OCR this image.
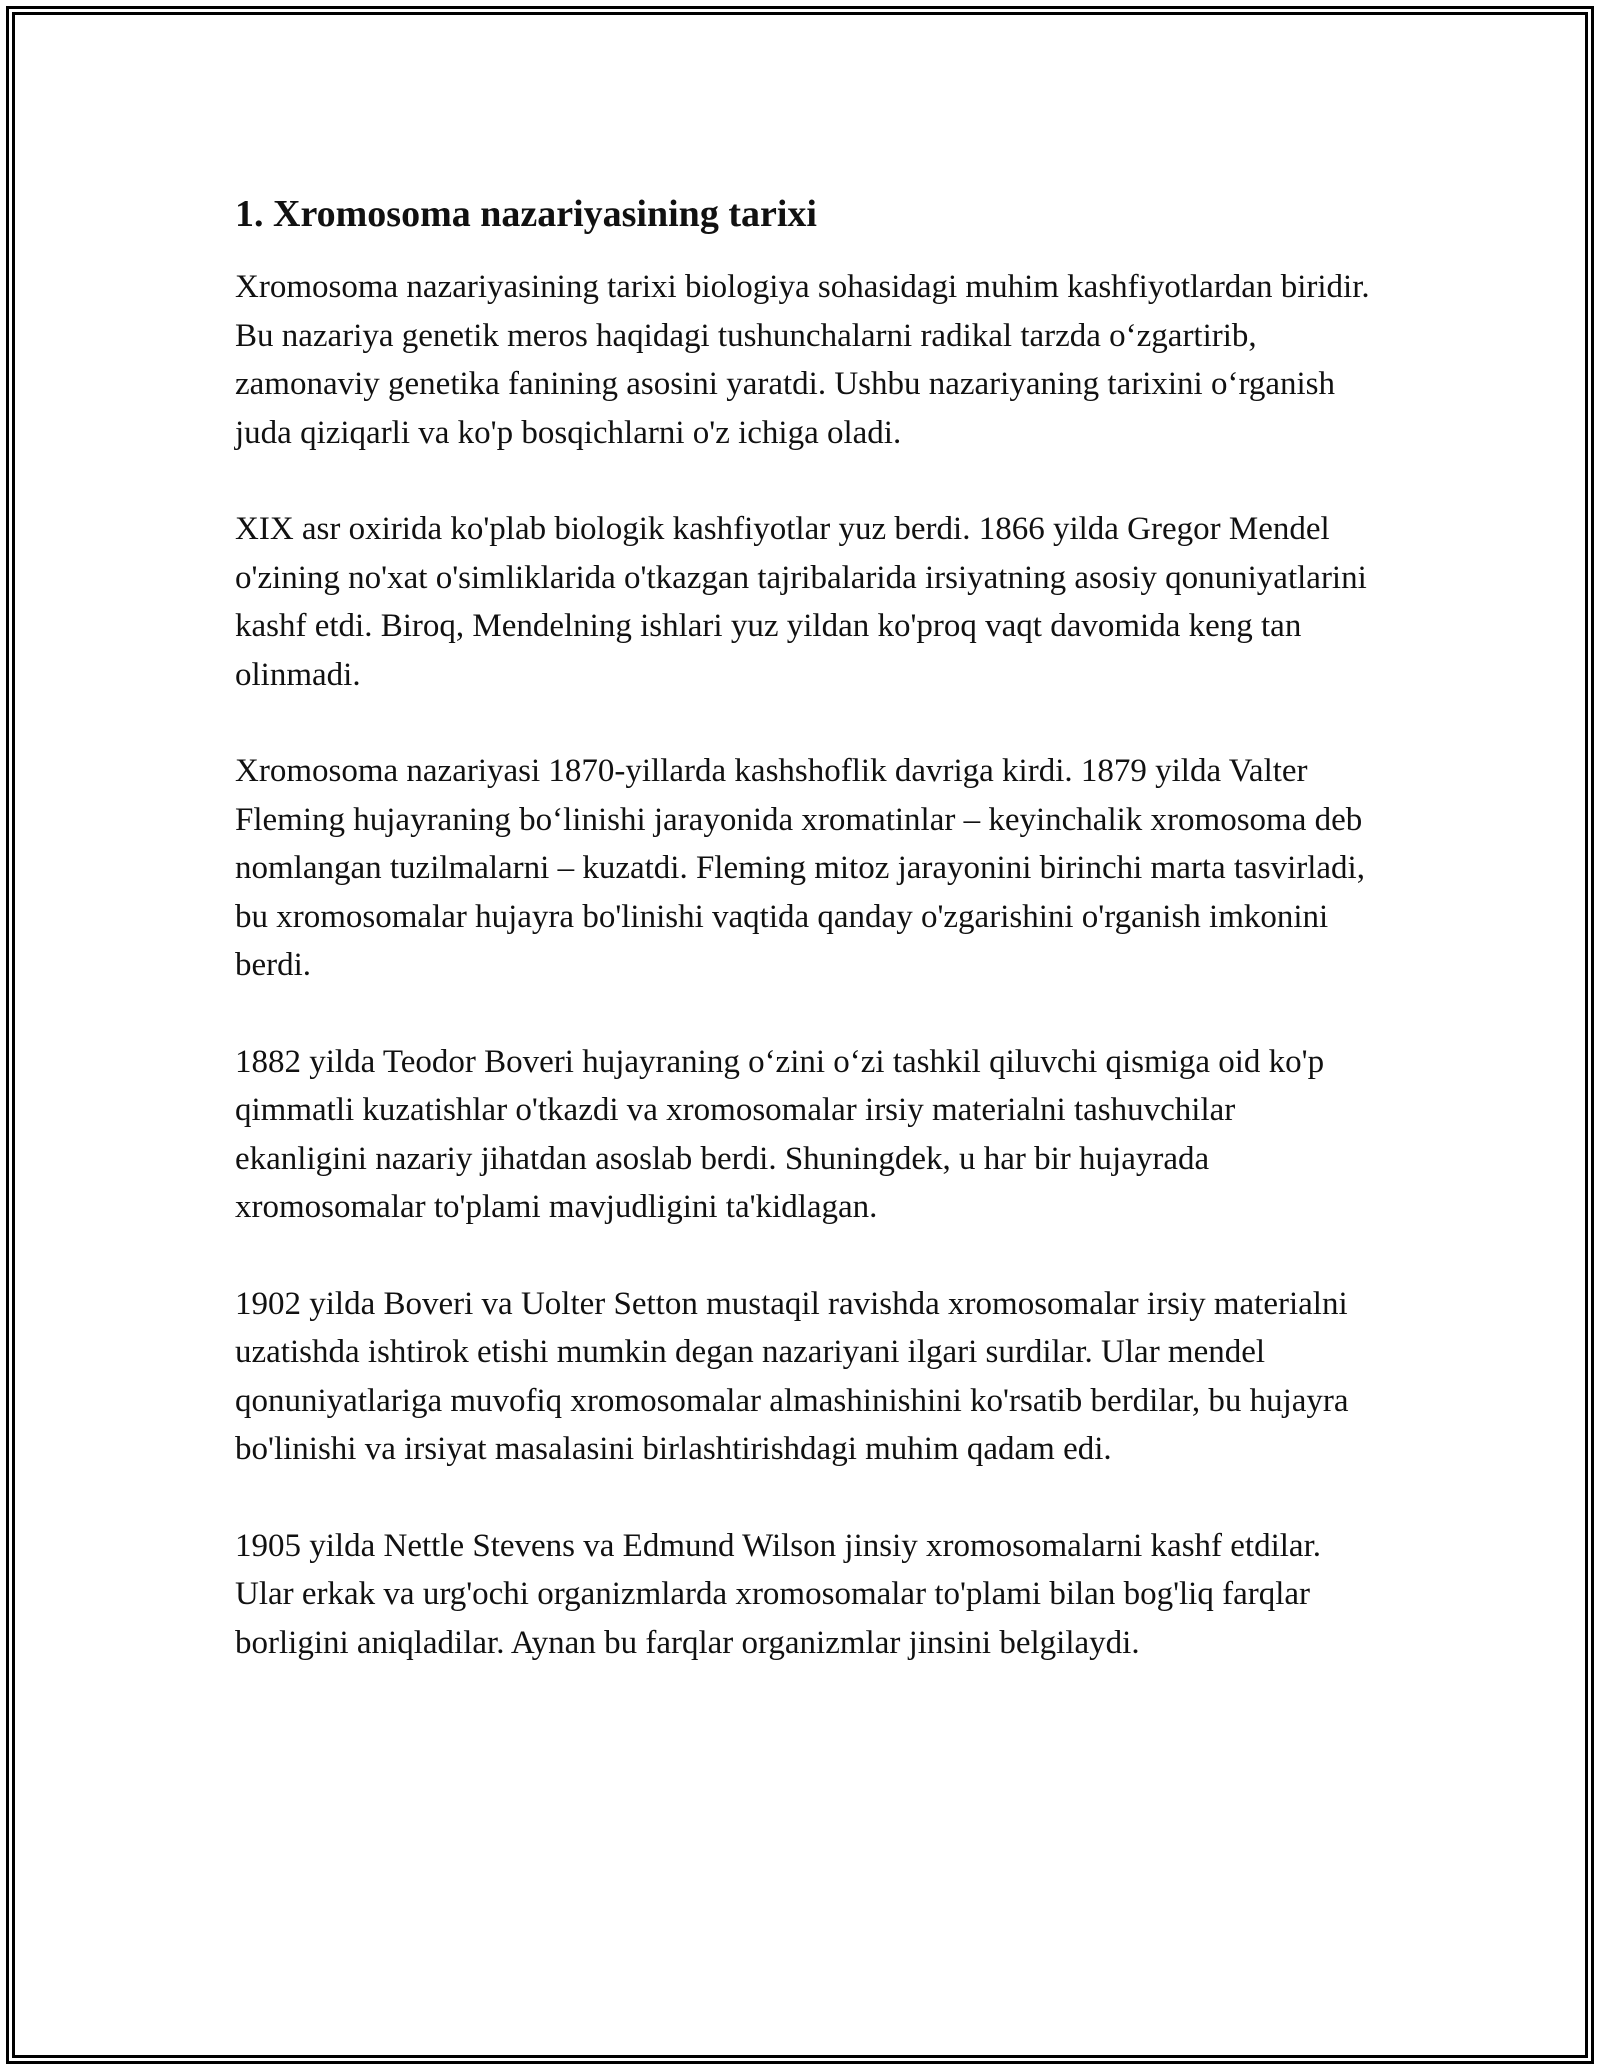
1. Xromosoma nazariyasining tarixi

Xromosoma nazariyasining tarixi biologiya sohasidagi muhim kashfiyotlardan biridir. Bu nazariya genetik meros haqidagi tushunchalarni radikal tarzda o‘zgartirib, zamonaviy genetika fanining asosini yaratdi. Ushbu nazariyaning tarixini o‘rganish juda qiziqarli va ko'p bosqichlarni o'z ichiga oladi.

XIX asr oxirida ko'plab biologik kashfiyotlar yuz berdi. 1866 yilda Gregor Mendel o'zining no'xat o'simliklarida o'tkazgan tajribalarida irsiyatning asosiy qonuniyatlarini kashf etdi. Biroq, Mendelning ishlari yuz yildan ko'proq vaqt davomida keng tan olinmadi.

Xromosoma nazariyasi 1870-yillarda kashshoflik davriga kirdi. 1879 yilda Valter Fleming hujayraning bo‘linishi jarayonida xromatinlar – keyinchalik xromosoma deb nomlangan tuzilmalarni – kuzatdi. Fleming mitoz jarayonini birinchi marta tasvirladi, bu xromosomalar hujayra bo'linishi vaqtida qanday o'zgarishini o'rganish imkonini berdi.

1882 yilda Teodor Boveri hujayraning o‘zini o‘zi tashkil qiluvchi qismiga oid ko'p qimmatli kuzatishlar o'tkazdi va xromosomalar irsiy materialni tashuvchilar ekanligini nazariy jihatdan asoslab berdi. Shuningdek, u har bir hujayrada xromosomalar to'plami mavjudligini ta'kidlagan.

1902 yilda Boveri va Uolter Setton mustaqil ravishda xromosomalar irsiy materialni uzatishda ishtirok etishi mumkin degan nazariyani ilgari surdilar. Ular mendel qonuniyatlariga muvofiq xromosomalar almashinishini ko'rsatib berdilar, bu hujayra bo'linishi va irsiyat masalasini birlashtirishdagi muhim qadam edi.

1905 yilda Nettle Stevens va Edmund Wilson jinsiy xromosomalarni kashf etdilar. Ular erkak va urg'ochi organizmlarda xromosomalar to'plami bilan bog'liq farqlar borligini aniqladilar. Aynan bu farqlar organizmlar jinsini belgilaydi.
